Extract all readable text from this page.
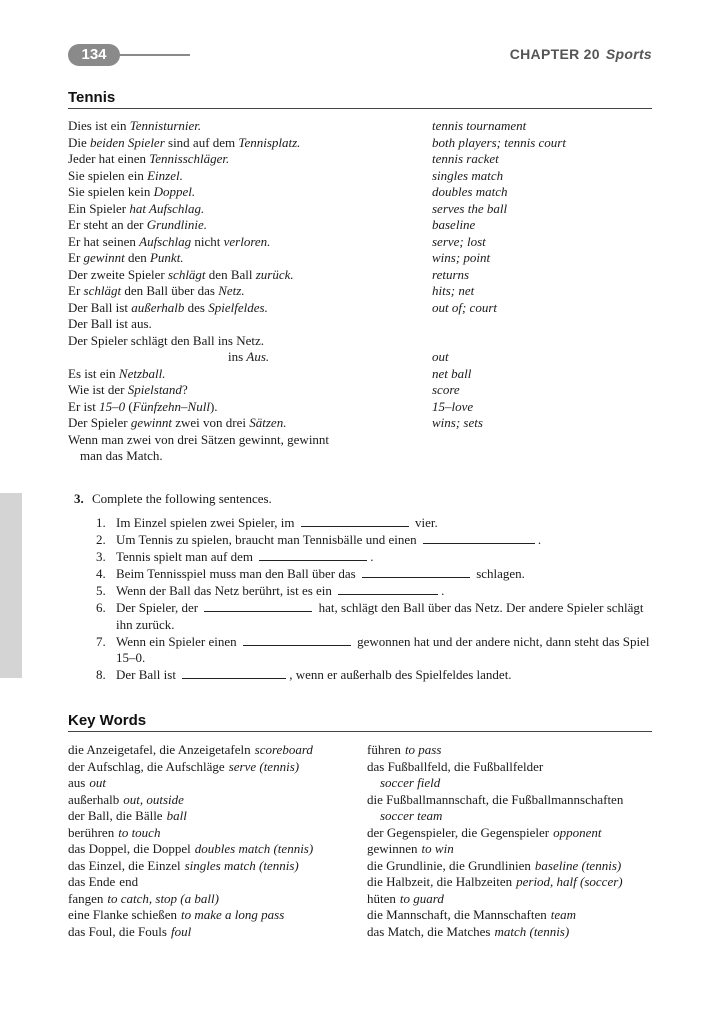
134	CHAPTER 20 Sports
Tennis
Dies ist ein Tennisturnier.	tennis tournament
Die beiden Spieler sind auf dem Tennisplatz.	both players; tennis court
Jeder hat einen Tennisschläger.	tennis racket
Sie spielen ein Einzel.	singles match
Sie spielen kein Doppel.	doubles match
Ein Spieler hat Aufschlag.	serves the ball
Er steht an der Grundlinie.	baseline
Er hat seinen Aufschlag nicht verloren.	serve; lost
Er gewinnt den Punkt.	wins; point
Der zweite Spieler schlägt den Ball zurück.	returns
Er schlägt den Ball über das Netz.	hits; net
Der Ball ist außerhalb des Spielfeldes.	out of; court
Der Ball ist aus.
Der Spieler schlägt den Ball ins Netz.
ins Aus.	out
Es ist ein Netzball.	net ball
Wie ist der Spielstand?	score
Er ist 15–0 (Fünfzehn–Null).	15–love
Der Spieler gewinnt zwei von drei Sätzen.	wins; sets
Wenn man zwei von drei Sätzen gewinnt, gewinnt
man das Match.
3. Complete the following sentences.
1. Im Einzel spielen zwei Spieler, im	vier.
2. Um Tennis zu spielen, braucht man Tennisbälle und einen	.
3. Tennis spielt man auf dem	.
4. Beim Tennisspiel muss man den Ball über das	schlagen.
5. Wenn der Ball das Netz berührt, ist es ein	.
6. Der Spieler, der	hat, schlägt den Ball über das Netz. Der andere Spieler schlägt ihn zurück.
7. Wenn ein Spieler einen	gewonnen hat und der andere nicht, dann steht das Spiel 15–0.
8. Der Ball ist	, wenn er außerhalb des Spielfeldes landet.
Key Words
die Anzeigetafel, die Anzeigetafeln scoreboard
der Aufschlag, die Aufschläge serve (tennis)
aus out
außerhalb out, outside
der Ball, die Bälle ball
berühren to touch
das Doppel, die Doppel doubles match (tennis)
das Einzel, die Einzel singles match (tennis)
das Ende end
fangen to catch, stop (a ball)
eine Flanke schießen to make a long pass
das Foul, die Fouls foul
führen to pass
das Fußballfeld, die Fußballfelder
soccer field
die Fußballmannschaft, die Fußballmannschaften
soccer team
der Gegenspieler, die Gegenspieler opponent
gewinnen to win
die Grundlinie, die Grundlinien baseline (tennis)
die Halbzeit, die Halbzeiten period, half (soccer)
hüten to guard
die Mannschaft, die Mannschaften team
das Match, die Matches match (tennis)
